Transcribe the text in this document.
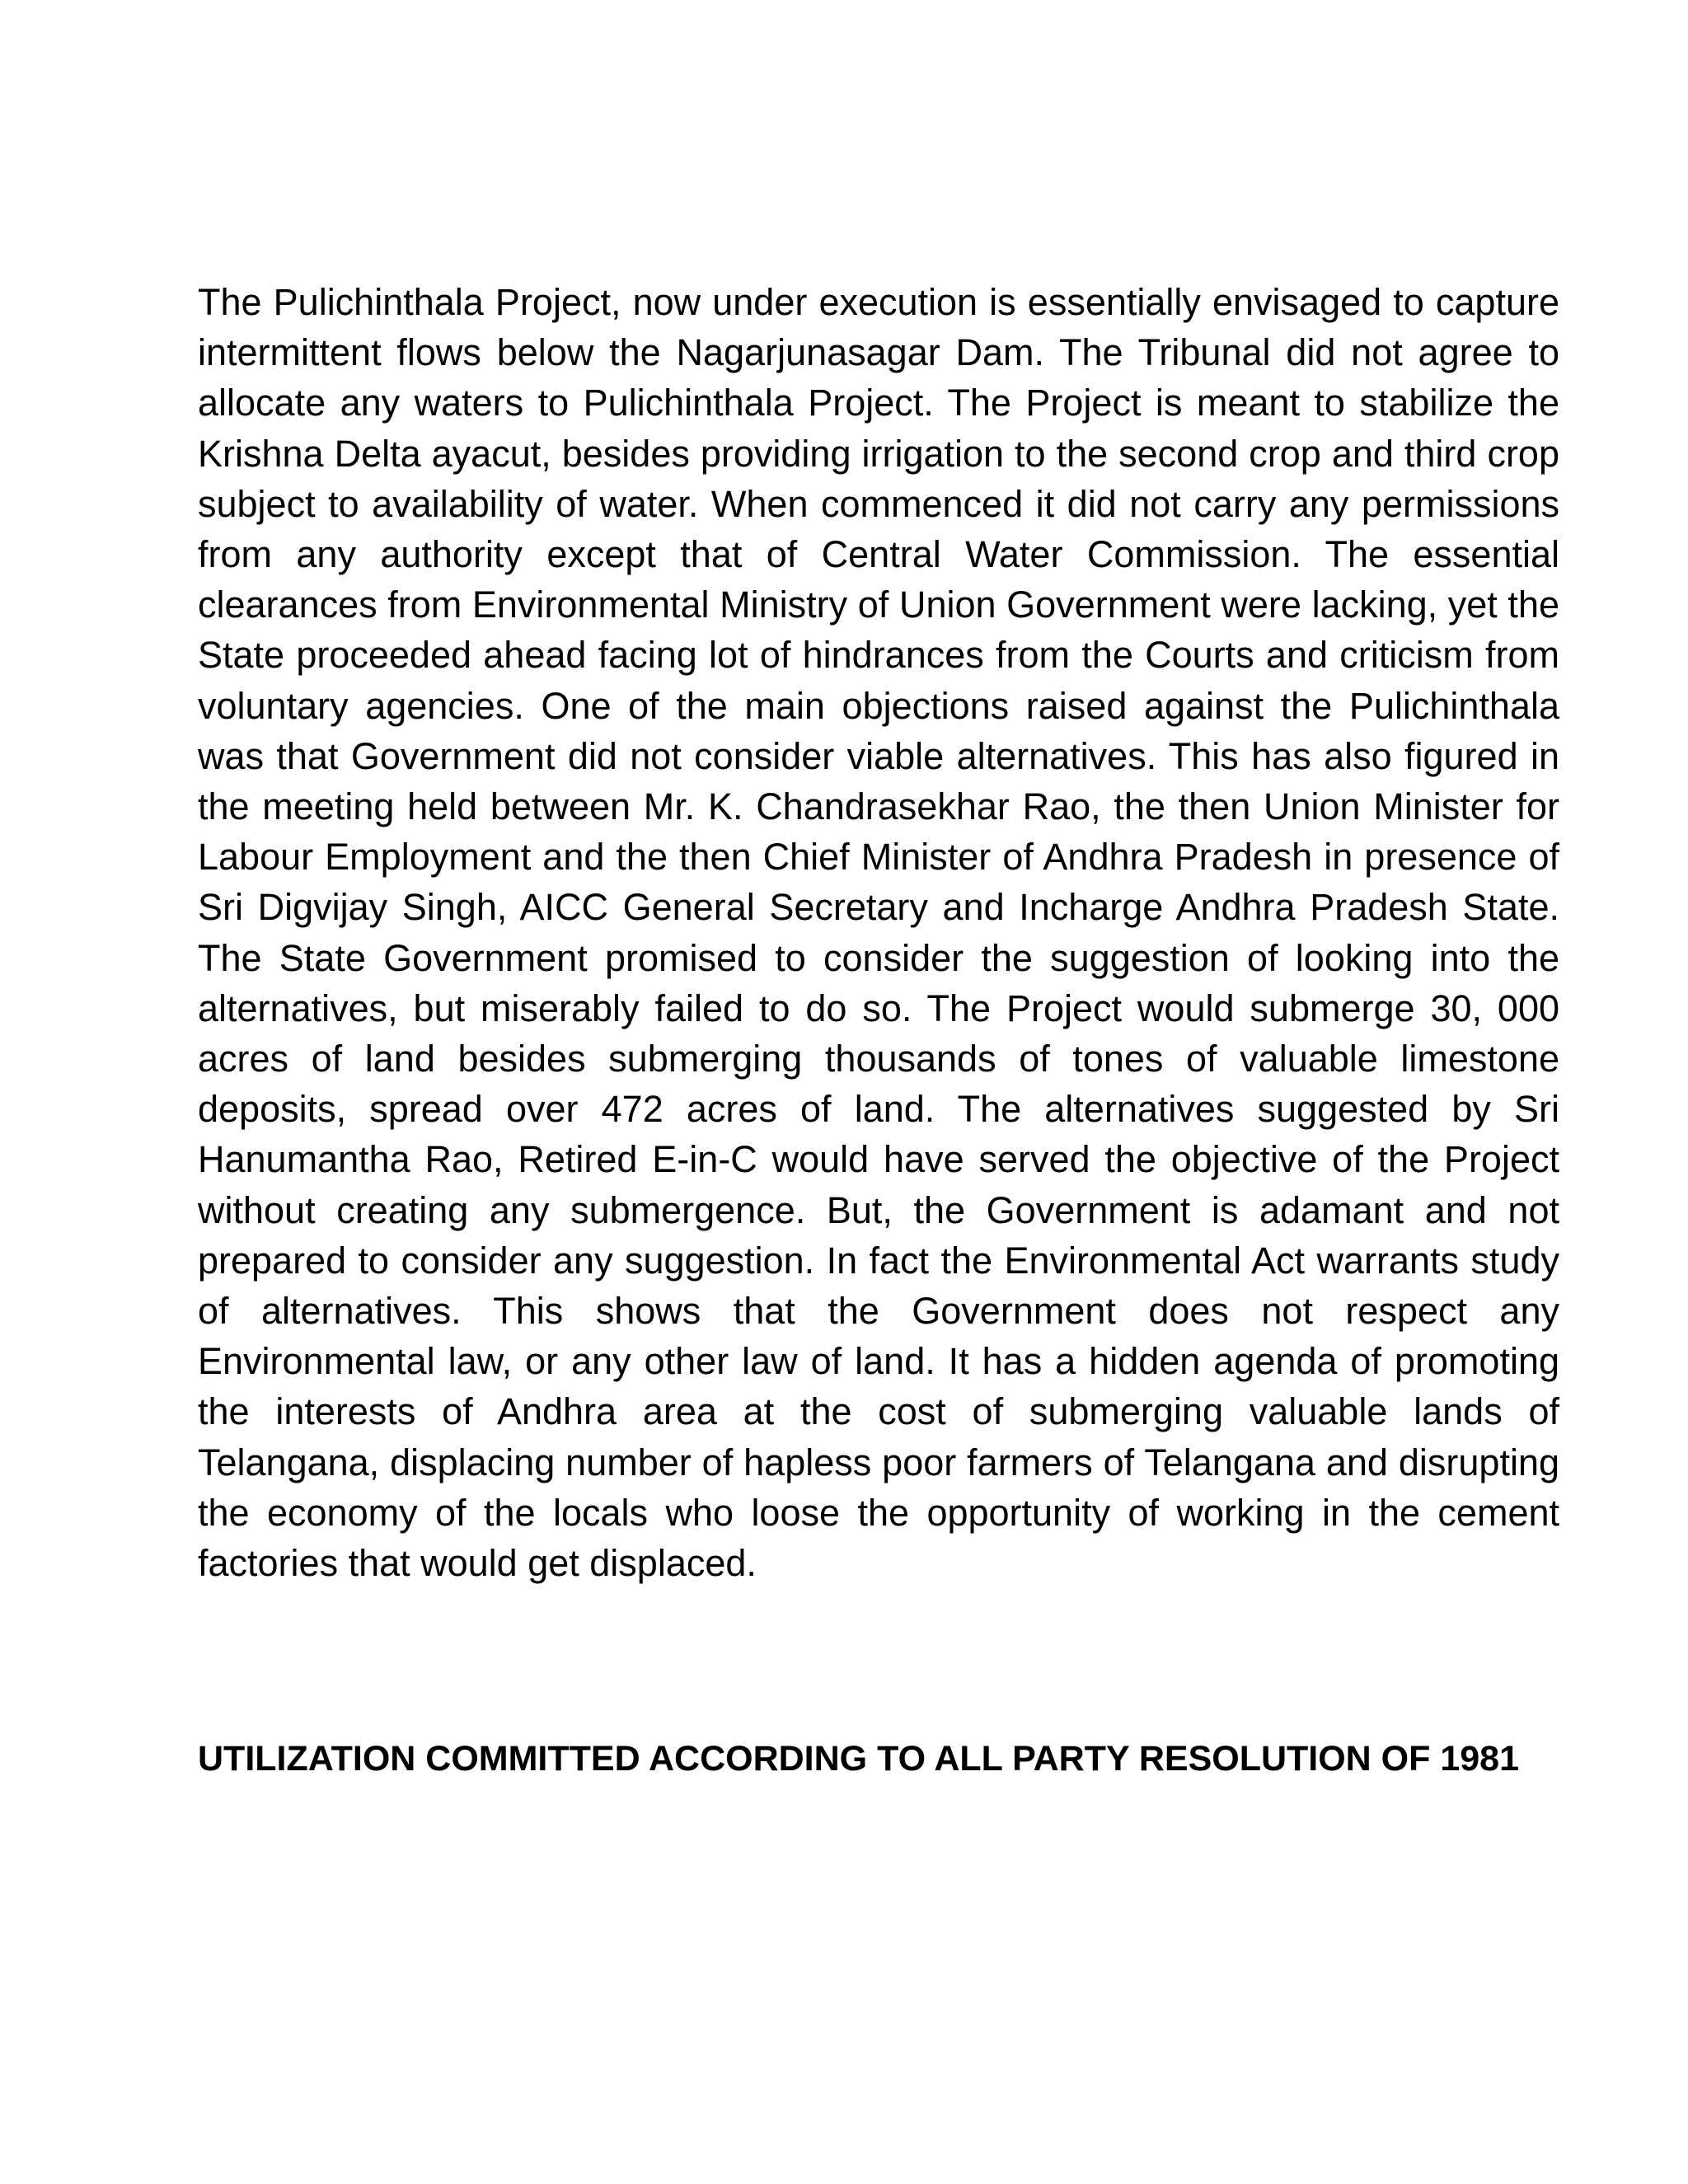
The Pulichinthala Project, now under execution is essentially envisaged to capture intermittent flows below the Nagarjunasagar Dam. The Tribunal did not agree to allocate any waters to Pulichinthala Project. The Project is meant to stabilize the Krishna Delta ayacut, besides providing irrigation to the second crop and third crop subject to availability of water. When commenced it did not carry any permissions from any authority except that of Central Water Commission. The essential clearances from Environmental Ministry of Union Government were lacking, yet the State proceeded ahead facing lot of hindrances from the Courts and criticism from voluntary agencies. One of the main objections raised against the Pulichinthala was that Government did not consider viable alternatives. This has also figured in the meeting held between Mr. K. Chandrasekhar Rao, the then Union Minister for Labour Employment and the then Chief Minister of Andhra Pradesh in presence of Sri Digvijay Singh, AICC General Secretary and Incharge Andhra Pradesh State. The State Government promised to consider the suggestion of looking into the alternatives, but miserably failed to do so. The Project would submerge 30, 000 acres of land besides submerging thousands of tones of valuable limestone deposits, spread over 472 acres of land. The alternatives suggested by Sri Hanumantha Rao, Retired E-in-C would have served the objective of the Project without creating any submergence. But, the Government is adamant and not prepared to consider any suggestion. In fact the Environmental Act warrants study of alternatives. This shows that the Government does not respect any Environmental law, or any other law of land. It has a hidden agenda of promoting the interests of Andhra area at the cost of submerging valuable lands of Telangana, displacing number of hapless poor farmers of Telangana and disrupting the economy of the locals who loose the opportunity of working in the cement factories that would get displaced.

UTILIZATION COMMITTED ACCORDING TO ALL PARTY RESOLUTION OF 1981
